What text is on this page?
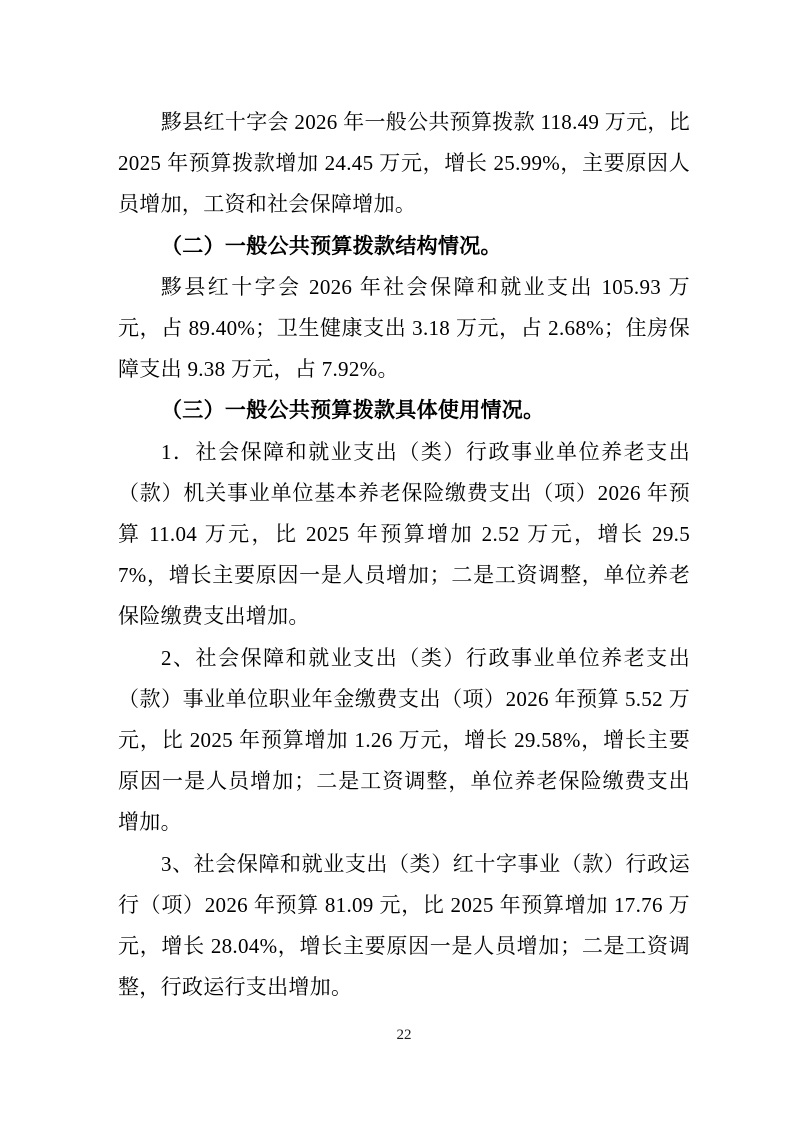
黟县红十字会 2026 年一般公共预算拨款 118.49 万元，比 2025 年预算拨款增加 24.45 万元，增长 25.99%，主要原因人员增加，工资和社会保障增加。

（二）一般公共预算拨款结构情况。

黟县红十字会 2026 年社会保障和就业支出 105.93 万元，占 89.40%；卫生健康支出 3.18 万元，占 2.68%；住房保障支出 9.38 万元，占 7.92%。

（三）一般公共预算拨款具体使用情况。

1．社会保障和就业支出（类）行政事业单位养老支出（款）机关事业单位基本养老保险缴费支出（项）2026 年预算 11.04 万元，比 2025 年预算增加 2.52 万元，增长 29.57%，增长主要原因一是人员增加；二是工资调整，单位养老保险缴费支出增加。

2、社会保障和就业支出（类）行政事业单位养老支出（款）事业单位职业年金缴费支出（项）2026 年预算 5.52 万元，比 2025 年预算增加 1.26 万元，增长 29.58%，增长主要原因一是人员增加；二是工资调整，单位养老保险缴费支出增加。

3、社会保障和就业支出（类）红十字事业（款）行政运行（项）2026 年预算 81.09 元，比 2025 年预算增加 17.76 万元，增长 28.04%，增长主要原因一是人员增加；二是工资调整，行政运行支出增加。

22
